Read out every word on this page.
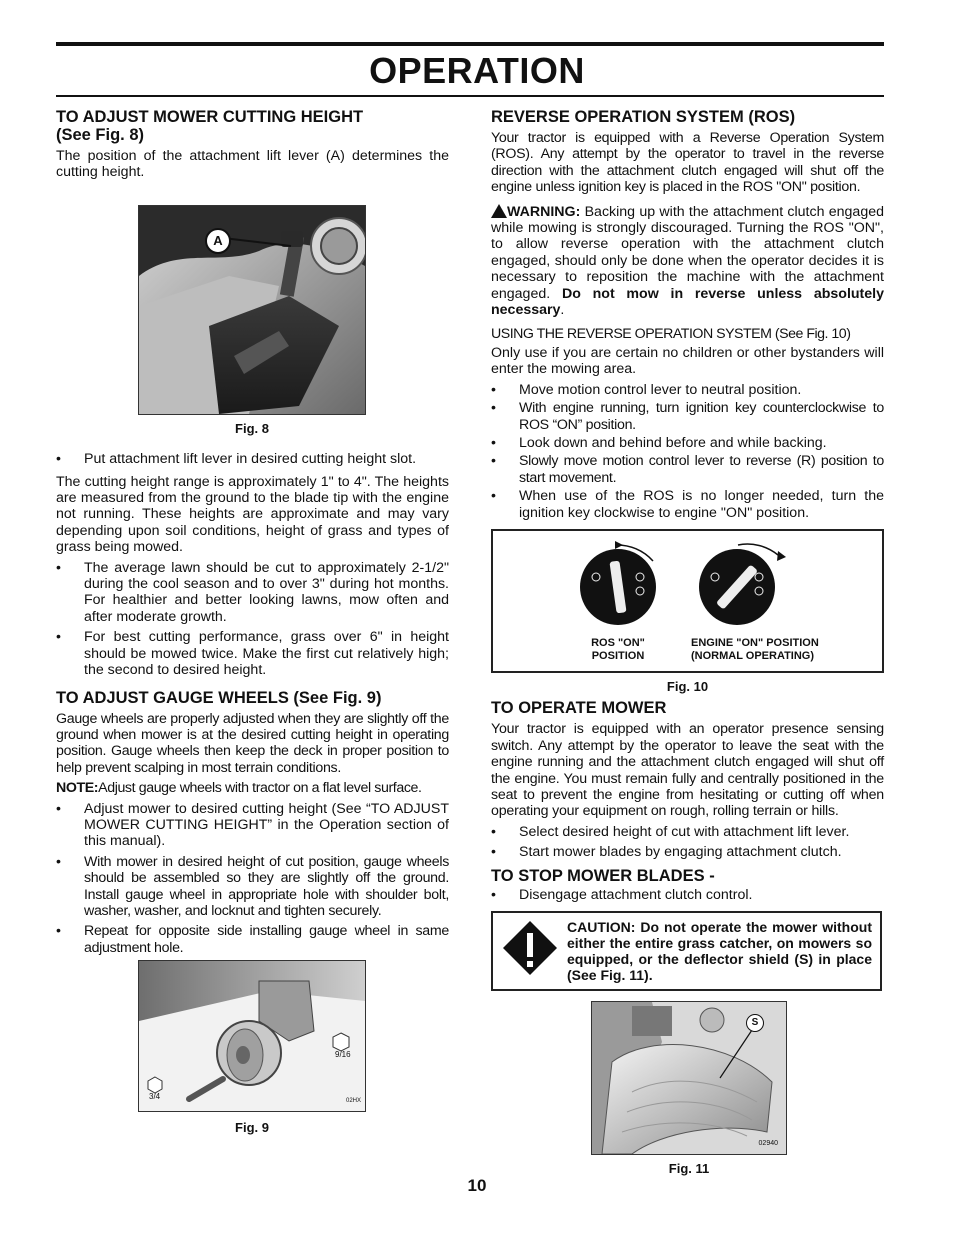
OPERATION
TO ADJUST MOWER CUTTING HEIGHT
(See Fig. 8)

The position of the attachment lift lever (A) determines the cutting height.

A
Fig. 8
• Put attachment lift lever in desired cutting height slot.

The cutting height range is approximately 1" to 4". The heights are measured from the ground to the blade tip with the engine not running. These heights are approximate and may vary depending upon soil conditions, height of grass and types of grass being mowed.

• The average lawn should be cut to approximately 2-1/2" during the cool season and to over 3" during hot months. For healthier and better looking lawns, mow often and after moderate growth.
• For best cutting performance, grass over 6" in height should be mowed twice. Make the first cut relatively high; the second to desired height.
TO ADJUST GAUGE WHEELS (See Fig. 9)

Gauge wheels are properly adjusted when they are slightly off the ground when mower is at the desired cutting height in operating position. Gauge wheels then keep the deck in proper position to help prevent scalping in most terrain conditions.

NOTE:Adjust gauge wheels with tractor on a flat level surface.

• Adjust mower to desired cutting height (See “TO ADJUST MOWER CUTTING HEIGHT” in the Operation section of this manual).
• With mower in desired height of cut position, gauge wheels should be assembled so they are slightly off the ground. Install gauge wheel in appropriate hole with shoulder bolt, washer, washer, and locknut and tighten securely.
• Repeat for opposite side installing gauge wheel in same adjustment hole.
9/16
3/4	02HX
Fig. 9
REVERSE OPERATION SYSTEM (ROS)

Your tractor is equipped with a Reverse Operation System (ROS). Any attempt by the operator to travel in the reverse direction with the attachment clutch engaged will shut off the engine unless ignition key is placed in the ROS "ON" position.

WARNING: Backing up with the attachment clutch engaged while mowing is strongly discouraged. Turning the ROS "ON", to allow reverse operation with the attachment clutch engaged, should only be done when the operator decides it is necessary to reposition the machine with the attachment engaged. Do not mow in reverse unless absolutely necessary.

USING THE REVERSE OPERATION SYSTEM (See Fig. 10)

Only use if you are certain no children or other bystanders will enter the mowing area.

• Move motion control lever to neutral position.
• With engine running, turn ignition key counterclockwise to ROS “ON” position.
• Look down and behind before and while backing.
• Slowly move motion control lever to reverse (R) position to start movement.
• When use of the ROS is no longer needed, turn the ignition key clockwise to engine "ON" position.
ROS "ON"
POSITION
ENGINE "ON" POSITION
(NORMAL OPERATING)
Fig. 10
TO OPERATE MOWER

Your tractor is equipped with an operator presence sensing switch. Any attempt by the operator to leave the seat with the engine running and the attachment clutch engaged will shut off the engine. You must remain fully and centrally positioned in the seat to prevent the engine from hesitating or cutting off when operating your equipment on rough, rolling terrain or hills.

• Select desired height of cut with attachment lift lever.
• Start mower blades by engaging attachment clutch.
TO STOP MOWER BLADES -
• Disengage attachment clutch control.
CAUTION: Do not operate the mower without either the entire grass catcher, on mowers so equipped, or the deflector shield (S) in place (See Fig. 11).
S
02940
Fig. 11
10
